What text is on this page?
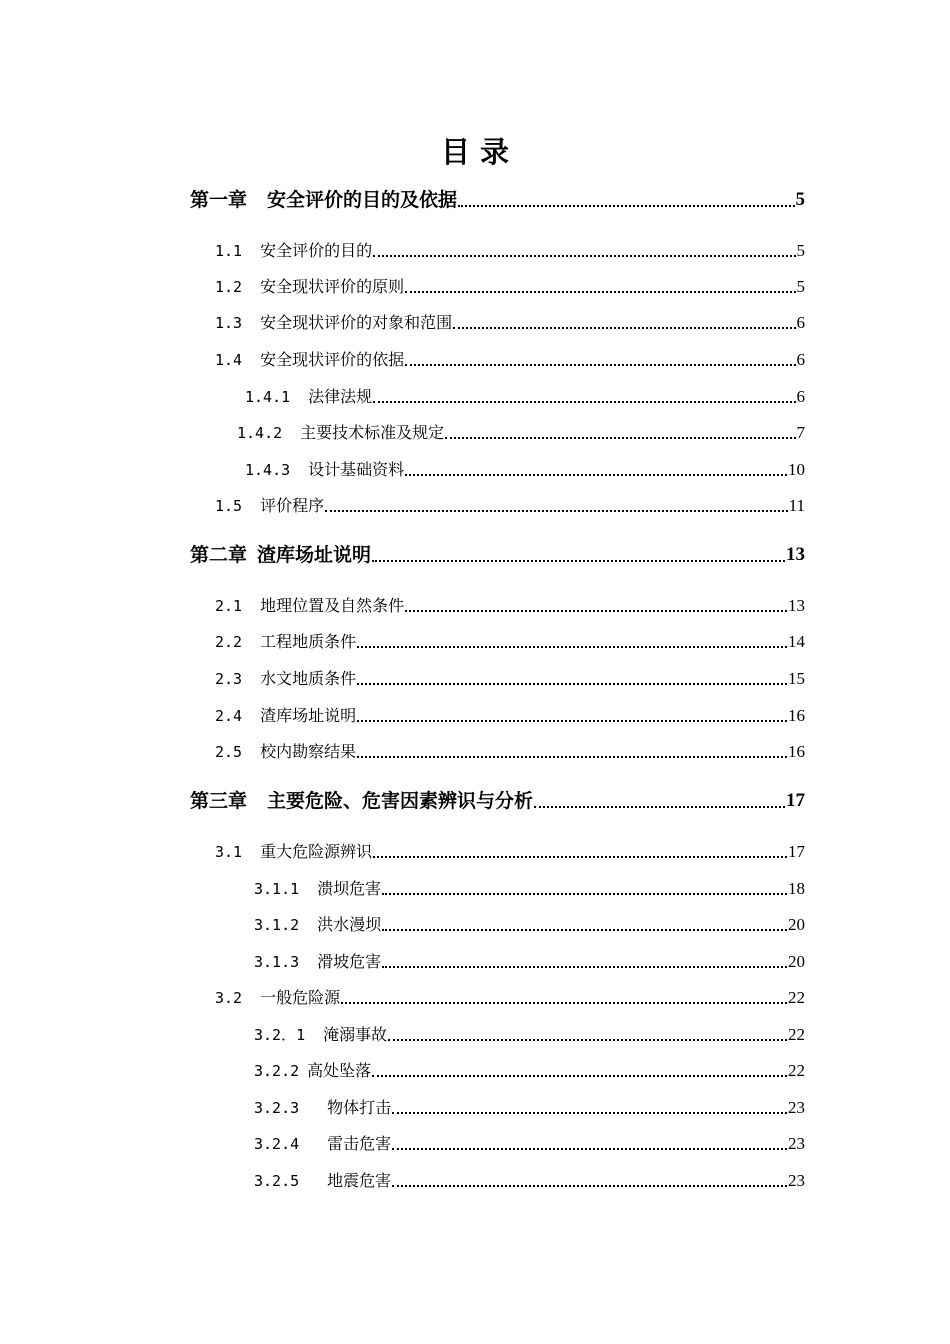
目 录
第一章 安全评价的目的及依据	5
1.1 安全评价的目的	5
1.2 安全现状评价的原则	5
1.3 安全现状评价的对象和范围	6
1.4 安全现状评价的依据	6
1.4.1 法律法规	6
1.4.2 主要技术标准及规定	7
1.4.3 设计基础资料	10
1.5 评价程序	11
第二章 渣库场址说明	13
2.1 地理位置及自然条件	13
2.2 工程地质条件	14
2.3 水文地质条件	15
2.4 渣库场址说明	16
2.5 校内勘察结果	16
第三章 主要危险、危害因素辨识与分析	17
3.1 重大危险源辨识	17
3.1.1 溃坝危害	18
3.1.2 洪水漫坝	20
3.1.3 滑坡危害	20
3.2 一般危险源	22
3.2．1 淹溺事故	22
3.2.2 高处坠落	22
3.2.3 物体打击	23
3.2.4 雷击危害	23
3.2.5 地震危害	23
